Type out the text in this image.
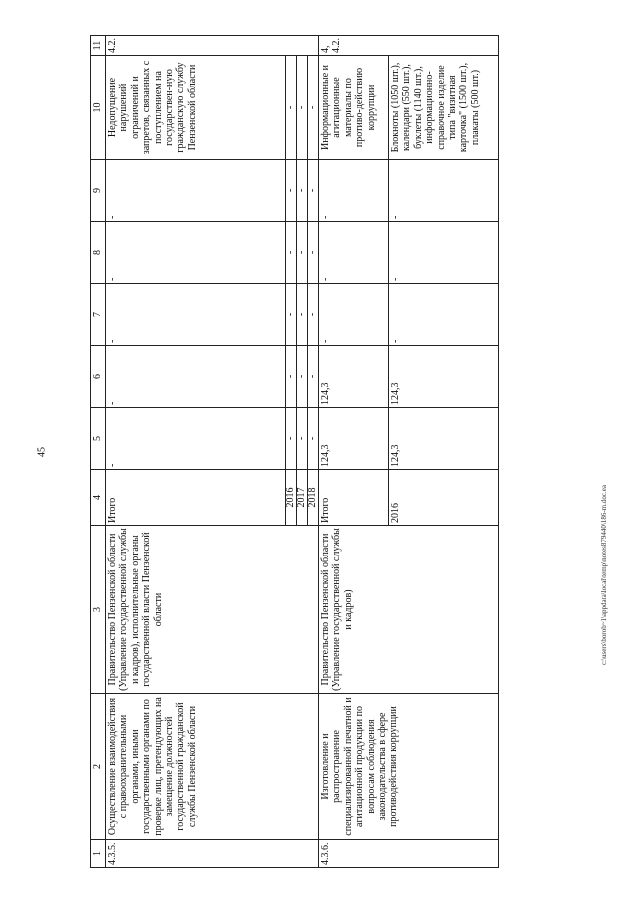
45
c:\users\borob~1\appdata\local\temp\notes879440\186-m.doc.ea
1	2	3	4	5	6	7	8	9	10	11
4.3.5.	Осуществление взаимодействия с правоохранительными органами, иными государственными органами по проверке лиц, претендующих на замещение должностей государственной гражданской службы Пензенской области	Правительство Пензенской области (Управление государственной службы и кадров), исполнительные органы государственной власти Пензенской области	Итого	-	-	-	-	-	Недопущение нарушений ограничений и запретов, связанных с поступлением на государствен-ную гражданскую службу Пензенской области	4.2.
			2016	-	-	-	-	-	-	
			2017	-	-	-	-	-	-	
			2018	-	-	-	-	-	-	
4.3.6.	Изготовление и распространение специализированной печатной и агитационной продукции по вопросам соблюдения законодательства в сфере противодействия коррупции	Правительство Пензенской области (Управление государственной службы и кадров)	Итого	124,3	124,3	-	-	-	Информационные и агитационные материалы по противо-действию коррупции	4, 4.2.
			2016	124,3	124,3	-	-	-	Блокноты (1050 шт.), календари (550 шт.), буклеты (1140 шт.), информационно-справочное изделие типа "визитная карточка" (1500 шт.), плакаты (500 шт.)	
